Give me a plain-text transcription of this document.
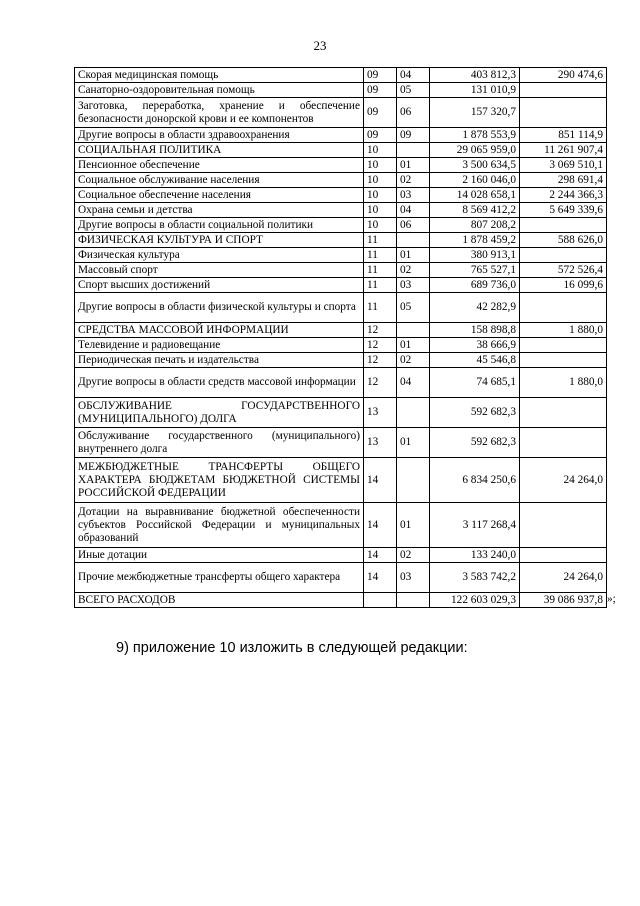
23
Скорая медицинская помощь	09	04	403 812,3	290 474,6
Санаторно-оздоровительная помощь	09	05	131 010,9	
Заготовка, переработка, хранение и обеспечение безопасности донорской крови и ее компонентов	09	06	157 320,7	
Другие вопросы в области здравоохранения	09	09	1 878 553,9	851 114,9
СОЦИАЛЬНАЯ ПОЛИТИКА	10		29 065 959,0	11 261 907,4
Пенсионное обеспечение	10	01	3 500 634,5	3 069 510,1
Социальное обслуживание населения	10	02	2 160 046,0	298 691,4
Социальное обеспечение населения	10	03	14 028 658,1	2 244 366,3
Охрана семьи и детства	10	04	8 569 412,2	5 649 339,6
Другие вопросы в области социальной политики	10	06	807 208,2	
ФИЗИЧЕСКАЯ КУЛЬТУРА И СПОРТ	11		1 878 459,2	588 626,0
Физическая культура	11	01	380 913,1	
Массовый спорт	11	02	765 527,1	572 526,4
Спорт высших достижений	11	03	689 736,0	16 099,6
Другие вопросы в области физической культуры и спорта	11	05	42 282,9	
СРЕДСТВА МАССОВОЙ ИНФОРМАЦИИ	12		158 898,8	1 880,0
Телевидение и радиовещание	12	01	38 666,9	
Периодическая печать и издательства	12	02	45 546,8	
Другие вопросы в области средств массовой информации	12	04	74 685,1	1 880,0
ОБСЛУЖИВАНИЕ ГОСУДАРСТВЕННОГО (МУНИЦИПАЛЬНОГО) ДОЛГА	13		592 682,3	
Обслуживание государственного (муниципального) внутреннего долга	13	01	592 682,3	
МЕЖБЮДЖЕТНЫЕ ТРАНСФЕРТЫ ОБЩЕГО ХАРАКТЕРА БЮДЖЕТАМ БЮДЖЕТНОЙ СИСТЕМЫ РОССИЙСКОЙ ФЕДЕРАЦИИ	14		6 834 250,6	24 264,0
Дотации на выравнивание бюджетной обеспеченности субъектов Российской Федерации и муниципальных образований	14	01	3 117 268,4	
Иные дотации	14	02	133 240,0	
Прочие межбюджетные трансферты общего характера	14	03	3 583 742,2	24 264,0
ВСЕГО РАСХОДОВ			122 603 029,3	39 086 937,8 »;
9) приложение 10 изложить в следующей редакции:
